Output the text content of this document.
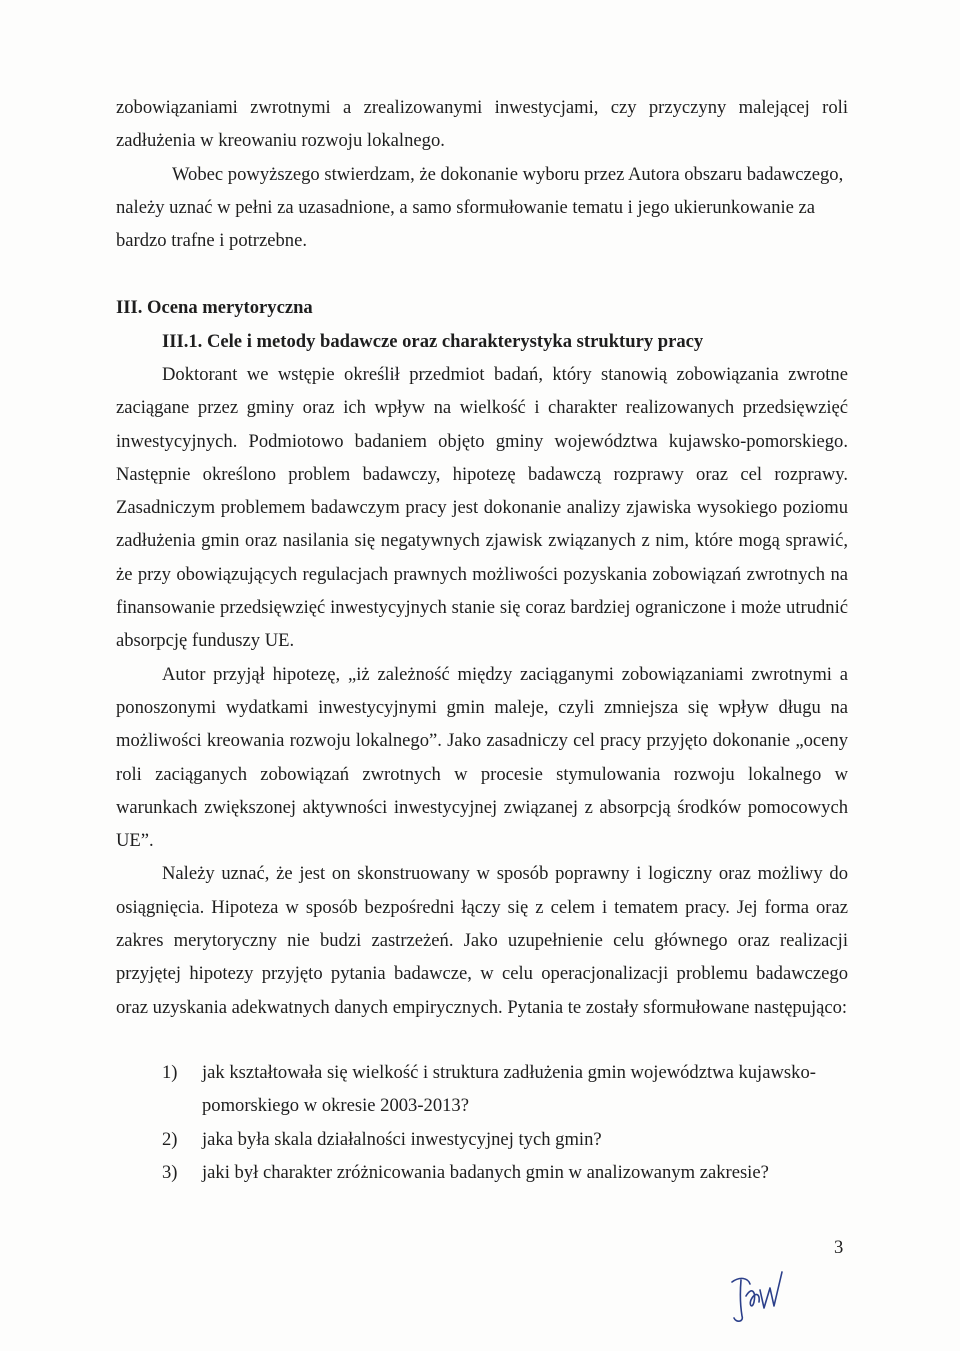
zobowiązaniami zwrotnymi a zrealizowanymi inwestycjami, czy przyczyny malejącej roli zadłużenia w kreowaniu rozwoju lokalnego.

Wobec powyższego stwierdzam, że dokonanie wyboru przez Autora obszaru badawczego, należy uznać w pełni za uzasadnione, a samo sformułowanie tematu i jego ukierunkowanie za bardzo trafne i potrzebne.

III. Ocena merytoryczna
III.1. Cele i metody badawcze oraz charakterystyka struktury pracy

Doktorant we wstępie określił przedmiot badań, który stanowią zobowiązania zwrotne zaciągane przez gminy oraz ich wpływ na wielkość i charakter realizowanych przedsięwzięć inwestycyjnych. Podmiotowo badaniem objęto gminy województwa kujawsko-pomorskiego. Następnie określono problem badawczy, hipotezę badawczą rozprawy oraz cel rozprawy. Zasadniczym problemem badawczym pracy jest dokonanie analizy zjawiska wysokiego poziomu zadłużenia gmin oraz nasilania się negatywnych zjawisk związanych z nim, które mogą sprawić, że przy obowiązujących regulacjach prawnych możliwości pozyskania zobowiązań zwrotnych na finansowanie przedsięwzięć inwestycyjnych stanie się coraz bardziej ograniczone i może utrudnić absorpcję funduszy UE.

Autor przyjął hipotezę, „iż zależność między zaciąganymi zobowiązaniami zwrotnymi a ponoszonymi wydatkami inwestycyjnymi gmin maleje, czyli zmniejsza się wpływ długu na możliwości kreowania rozwoju lokalnego”. Jako zasadniczy cel pracy przyjęto dokonanie „oceny roli zaciąganych zobowiązań zwrotnych w procesie stymulowania rozwoju lokalnego w warunkach zwiększonej aktywności inwestycyjnej związanej z absorpcją środków pomocowych UE”.

Należy uznać, że jest on skonstruowany w sposób poprawny i logiczny oraz możliwy do osiągnięcia. Hipoteza w sposób bezpośredni łączy się z celem i tematem pracy. Jej forma oraz zakres merytoryczny nie budzi zastrzeżeń. Jako uzupełnienie celu głównego oraz realizacji przyjętej hipotezy przyjęto pytania badawcze, w celu operacjonalizacji problemu badawczego oraz uzyskania adekwatnych danych empirycznych. Pytania te zostały sformułowane następująco:

1)	jak kształtowała się wielkość i struktura zadłużenia gmin województwa kujawsko-pomorskiego w okresie 2003-2013?
2)	jaka była skala działalności inwestycyjnej tych gmin?
3)	jaki był charakter zróżnicowania badanych gmin w analizowanym zakresie?
3
